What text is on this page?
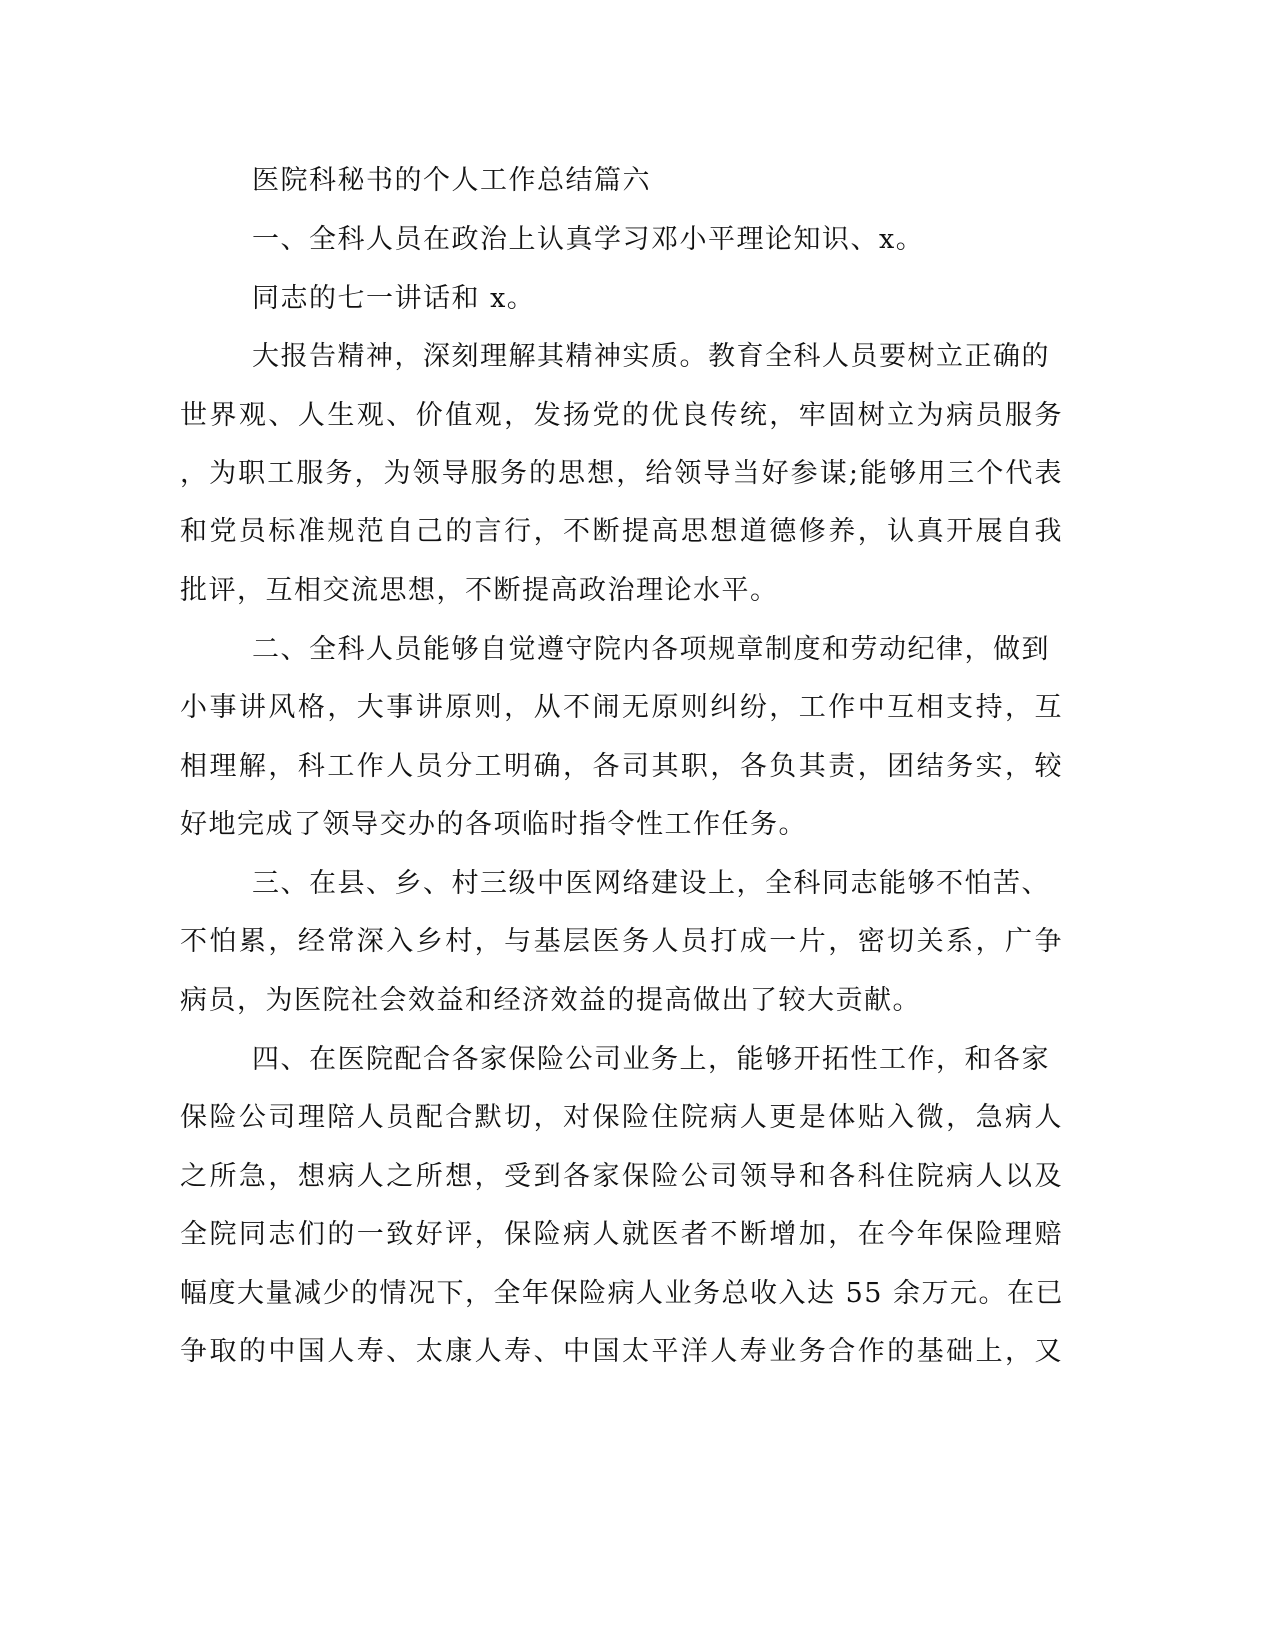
医院科秘书的个人工作总结篇六
一、全科人员在政治上认真学习邓小平理论知识、x。
同志的七一讲话和 x。
大报告精神，深刻理解其精神实质。教育全科人员要树立正确的
世界观、人生观、价值观，发扬党的优良传统，牢固树立为病员服务
，为职工服务，为领导服务的思想，给领导当好参谋;能够用三个代表
和党员标准规范自己的言行，不断提高思想道德修养，认真开展自我
批评，互相交流思想，不断提高政治理论水平。
二、全科人员能够自觉遵守院内各项规章制度和劳动纪律，做到
小事讲风格，大事讲原则，从不闹无原则纠纷，工作中互相支持，互
相理解，科工作人员分工明确，各司其职，各负其责，团结务实，较
好地完成了领导交办的各项临时指令性工作任务。
三、在县、乡、村三级中医网络建设上，全科同志能够不怕苦、
不怕累，经常深入乡村，与基层医务人员打成一片，密切关系，广争
病员，为医院社会效益和经济效益的提高做出了较大贡献。
四、在医院配合各家保险公司业务上，能够开拓性工作，和各家
保险公司理陪人员配合默切，对保险住院病人更是体贴入微，急病人
之所急，想病人之所想，受到各家保险公司领导和各科住院病人以及
全院同志们的一致好评，保险病人就医者不断增加，在今年保险理赔
幅度大量减少的情况下，全年保险病人业务总收入达 55 余万元。在已
争取的中国人寿、太康人寿、中国太平洋人寿业务合作的基础上，又
